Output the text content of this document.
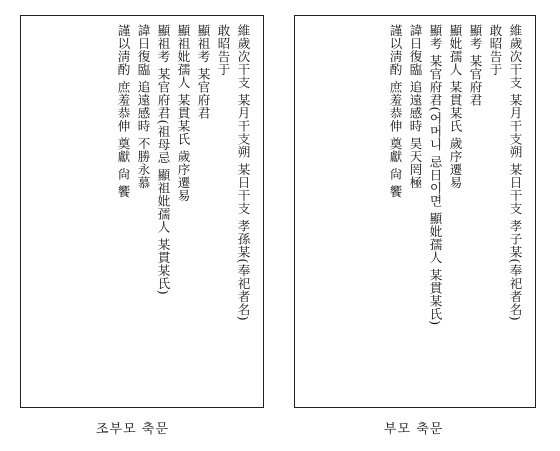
維歲次干支 某月干支朔 某日干支 孝孫某(奉祀者名)
敢昭告于
顯祖考 某官府君
顯祖妣孺人 某貫某氏 歲序遷易
顯祖考 某官府君(祖母忌 顯祖妣孺人 某貫某氏)
諱日復臨 追遠感時 不勝永慕
謹以淸酌 庶羞恭伸 奠獻 尙 饗
조부모 축문
維歲次干支 某月干支朔 某日干支 孝子某(奉祀者名)
敢昭告于
顯考 某官府君
顯妣孺人 某貫某氏 歲序遷易
顯考 某官府君(어머니 忌日이면 顯妣孺人 某貫某氏)
諱日復臨 追遠感時 昊天罔極
謹以淸酌 庶羞恭伸 奠獻 尙 饗
부모 축문
